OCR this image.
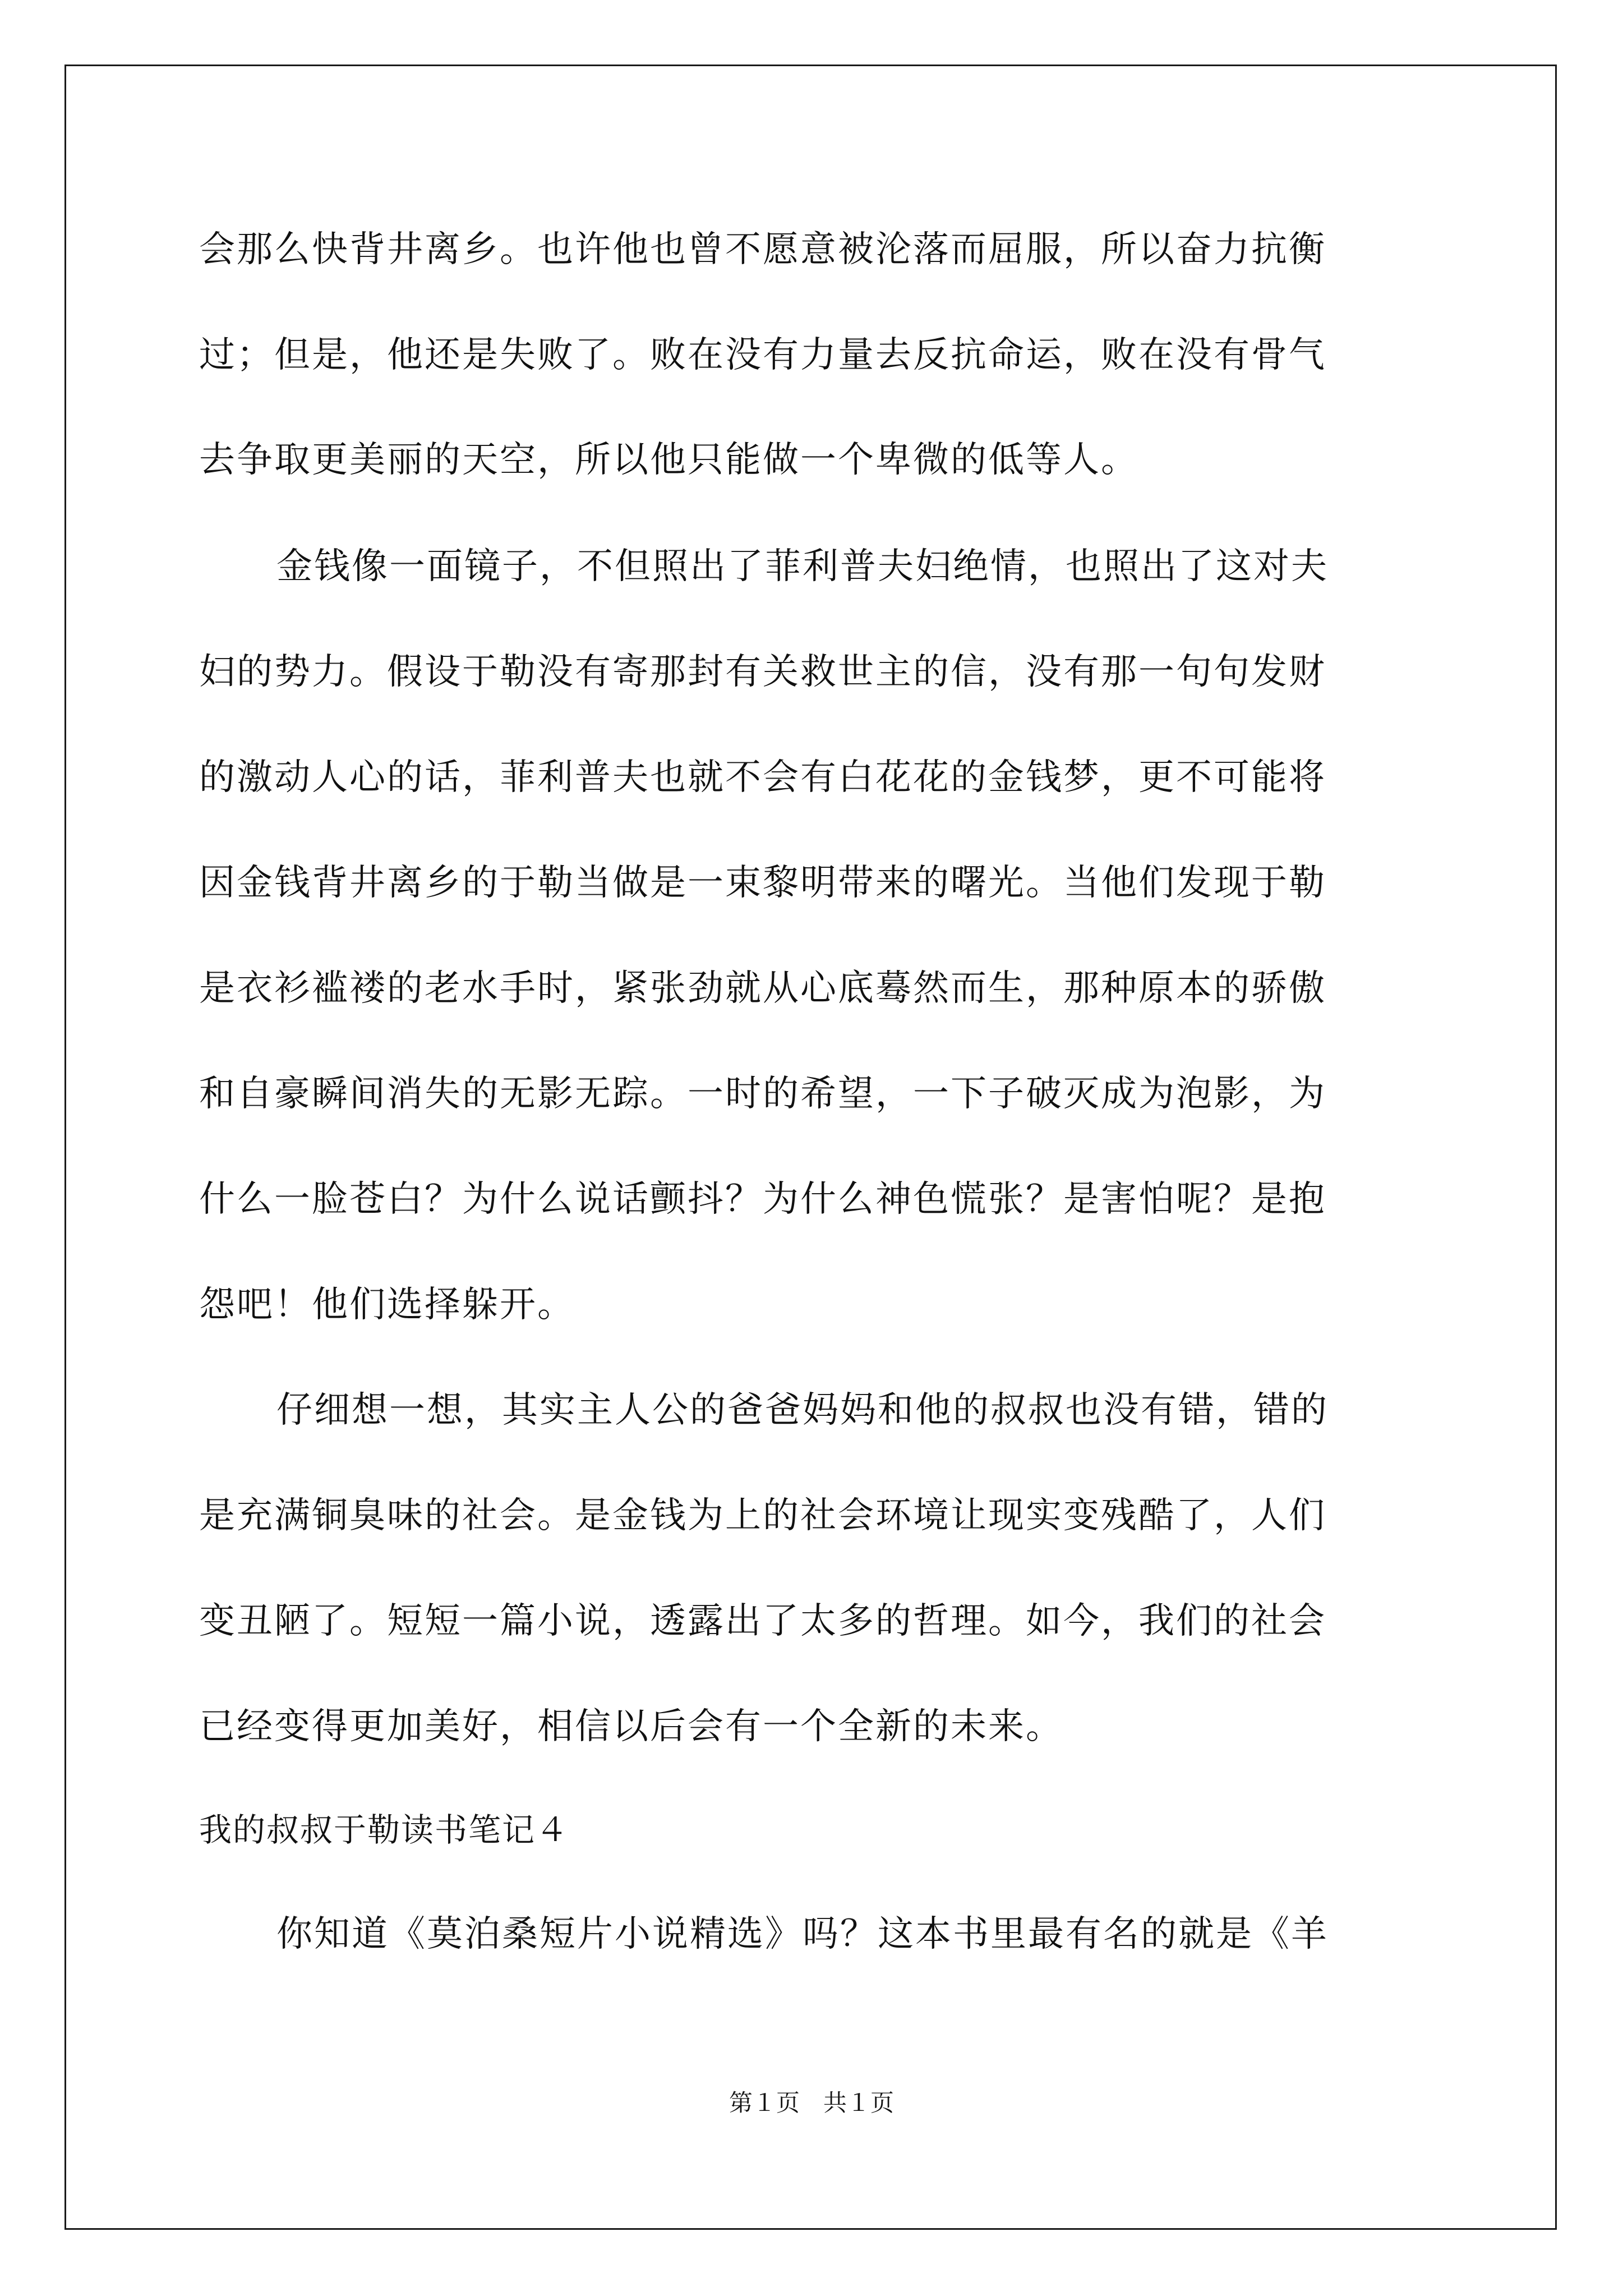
会那么快背井离乡。也许他也曾不愿意被沦落而屈服，所以奋力抗衡
过；但是，他还是失败了。败在没有力量去反抗命运，败在没有骨气
去争取更美丽的天空，所以他只能做一个卑微的低等人。
金钱像一面镜子，不但照出了菲利普夫妇绝情，也照出了这对夫
妇的势力。假设于勒没有寄那封有关救世主的信，没有那一句句发财
的激动人心的话，菲利普夫也就不会有白花花的金钱梦，更不可能将
因金钱背井离乡的于勒当做是一束黎明带来的曙光。当他们发现于勒
是衣衫褴褛的老水手时，紧张劲就从心底蓦然而生，那种原本的骄傲
和自豪瞬间消失的无影无踪。一时的希望，一下子破灭成为泡影，为
什么一脸苍白？为什么说话颤抖？为什么神色慌张？是害怕呢？是抱
怨吧！他们选择躲开。
仔细想一想，其实主人公的爸爸妈妈和他的叔叔也没有错，错的
是充满铜臭味的社会。是金钱为上的社会环境让现实变残酷了，人们
变丑陋了。短短一篇小说，透露出了太多的哲理。如今，我们的社会
已经变得更加美好，相信以后会有一个全新的未来。
我的叔叔于勒读书笔记４
你知道《莫泊桑短片小说精选》吗？这本书里最有名的就是《羊
第１页　共１页
